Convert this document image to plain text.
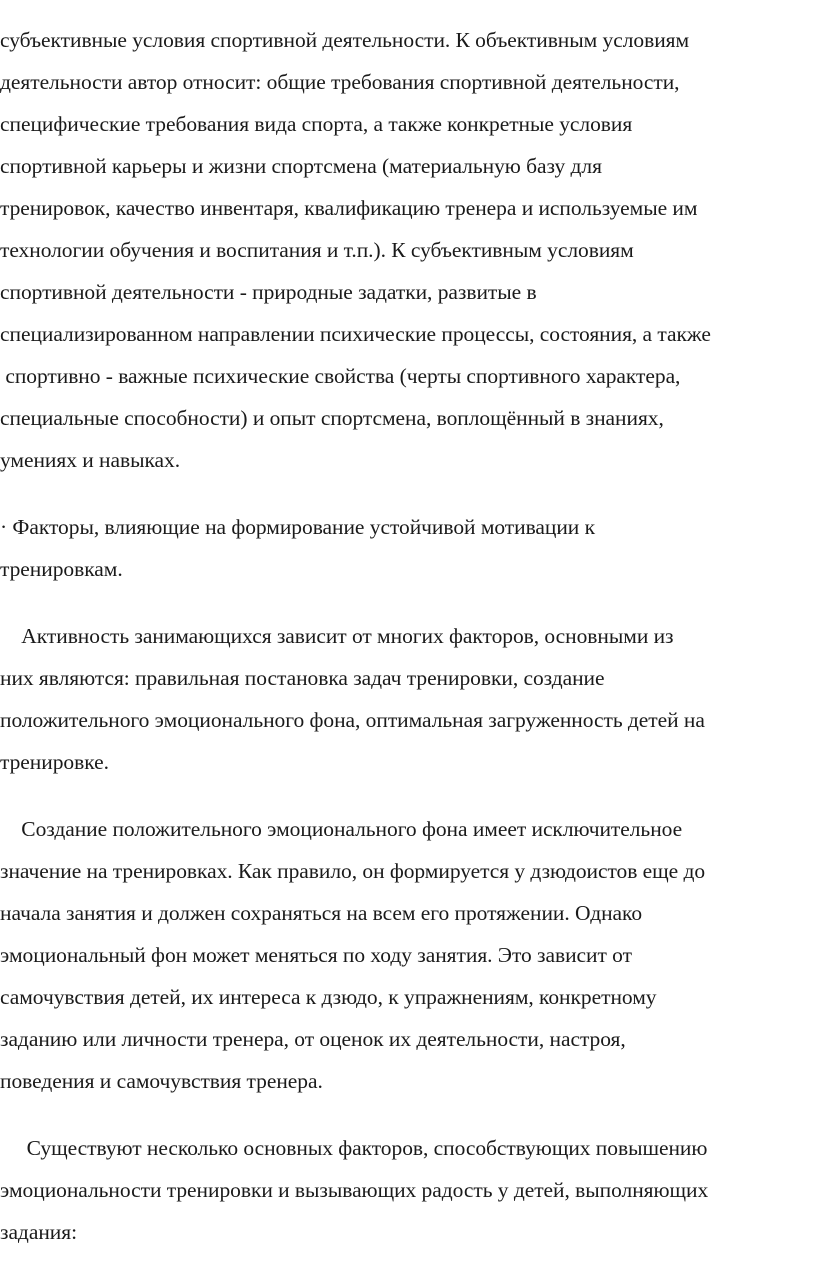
субъективные условия спортивной деятельности. К объективным условиям
деятельности автор относит: общие требования спортивной деятельности,
специфические требования вида спорта, а также конкретные условия
спортивной карьеры и жизни спортсмена (материальную базу для
тренировок, качество инвентаря, квалификацию тренера и используемые им
технологии обучения и воспитания и т.п.). К субъективным условиям
спортивной деятельности - природные задатки, развитые в
специализированном направлении психические процессы, состояния, а также
спортивно - важные психические свойства (черты спортивного характера,
специальные способности) и опыт спортсмена, воплощённый в знаниях,
умениях и навыках.
· Факторы, влияющие на формирование устойчивой мотивации к
тренировкам.
Активность занимающихся зависит от многих факторов, основными из
них являются: правильная постановка задач тренировки, создание
положительного эмоционального фона, оптимальная загруженность детей на
тренировке.
Создание положительного эмоционального фона имеет исключительное
значение на тренировках. Как правило, он формируется у дзюдоистов еще до
начала занятия и должен сохраняться на всем его протяжении. Однако
эмоциональный фон может меняться по ходу занятия. Это зависит от
самочувствия детей, их интереса к дзюдо, к упражнениям, конкретному
заданию или личности тренера, от оценок их деятельности, настроя,
поведения и самочувствия тренера.
Существуют несколько основных факторов, способствующих повышению
эмоциональности тренировки и вызывающих радость у детей, выполняющих
задания:
